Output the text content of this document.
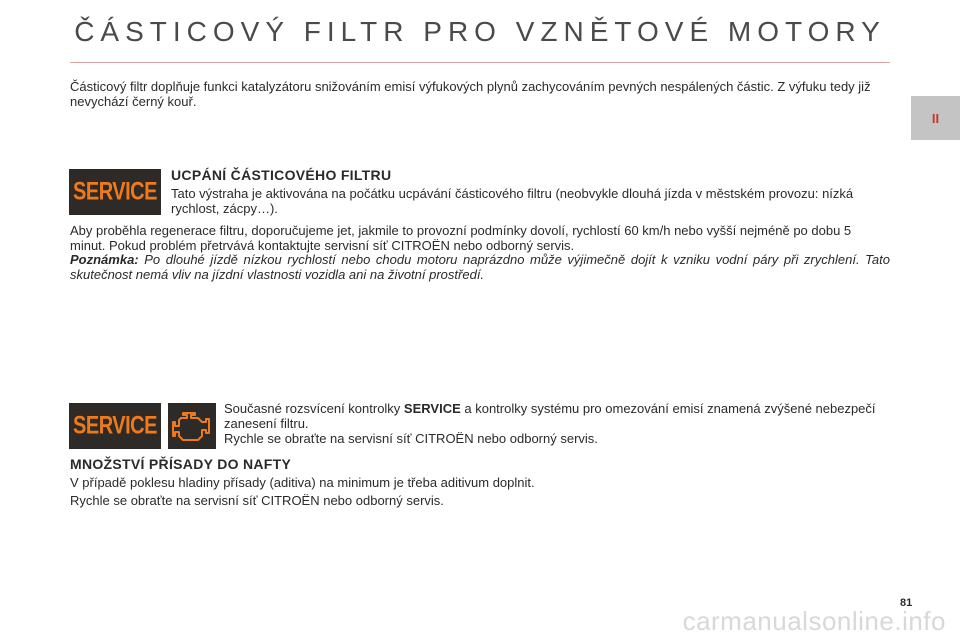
ČÁSTICOVÝ FILTR PRO VZNĚTOVÉ MOTORY
II
Částicový filtr doplňuje funkci katalyzátoru snižováním emisí výfukových plynů zachycováním pevných nespálených částic. Z výfuku tedy již nevychází černý kouř.
SERVICE
UCPÁNÍ ČÁSTICOVÉHO FILTRU
Tato výstraha je aktivována na počátku ucpávání částicového filtru (neobvykle dlouhá jízda v městském provozu: nízká rychlost, zácpy…).
Aby proběhla regenerace filtru, doporučujeme jet, jakmile to provozní podmínky dovolí, rychlostí 60 km/h nebo vyšší nejméně po dobu 5 minut. Pokud problém přetrvává kontaktujte servisní síť CITROËN nebo odborný servis.
Poznámka: Po dlouhé jízdě nízkou rychlostí nebo chodu motoru naprázdno může výjimečně dojít k vzniku vodní páry při zrychlení. Tato skutečnost nemá vliv na jízdní vlastnosti vozidla ani na životní prostředí.
SERVICE
Současné rozsvícení kontrolky SERVICE a kontrolky systému pro omezování emisí znamená zvýšené nebezpečí zanesení filtru.
Rychle se obraťte na servisní síť CITROËN nebo odborný servis.
MNOŽSTVÍ PŘÍSADY DO NAFTY
V případě poklesu hladiny přísady (aditiva) na minimum je třeba aditivum doplnit.
Rychle se obraťte na servisní síť CITROËN nebo odborný servis.
81
carmanualsonline.info
